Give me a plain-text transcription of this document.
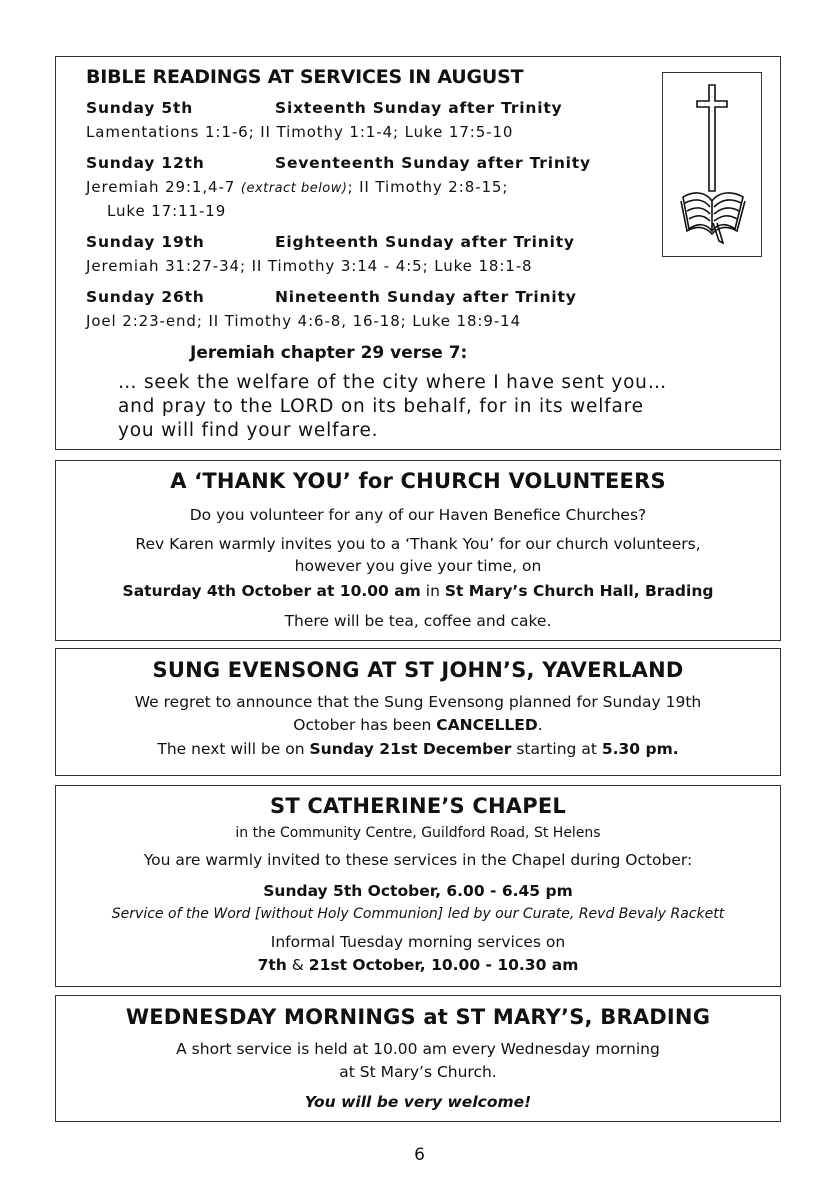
BIBLE READINGS AT SERVICES IN AUGUST
Sunday 5th	Sixteenth Sunday after Trinity
Lamentations 1:1-6; II Timothy 1:1-4; Luke 17:5-10
Sunday 12th	Seventeenth Sunday after Trinity
Jeremiah 29:1,4-7 (extract below); II Timothy 2:8-15;
Luke 17:11-19
Sunday 19th	Eighteenth Sunday after Trinity
Jeremiah 31:27-34; II Timothy 3:14 - 4:5; Luke 18:1-8
Sunday 26th	Nineteenth Sunday after Trinity
Joel 2:23-end; II Timothy 4:6-8, 16-18; Luke 18:9-14
Jeremiah chapter 29 verse 7:
… seek the welfare of the city where I have sent you…
and pray to the LORD on its behalf, for in its welfare
you will find your welfare.
A ‘THANK YOU’ for CHURCH VOLUNTEERS
Do you volunteer for any of our Haven Benefice Churches?
Rev Karen warmly invites you to a ‘Thank You’ for our church volunteers,
however you give your time, on
Saturday 4th October at 10.00 am in St Mary’s Church Hall, Brading
There will be tea, coffee and cake.
SUNG EVENSONG AT ST JOHN’S, YAVERLAND
We regret to announce that the Sung Evensong planned for Sunday 19th
October has been CANCELLED.
The next will be on Sunday 21st December starting at 5.30 pm.
ST CATHERINE’S CHAPEL
in the Community Centre, Guildford Road, St Helens
You are warmly invited to these services in the Chapel during October:
Sunday 5th October, 6.00 - 6.45 pm
Service of the Word [without Holy Communion] led by our Curate, Revd Bevaly Rackett
Informal Tuesday morning services on
7th & 21st October, 10.00 - 10.30 am
WEDNESDAY MORNINGS at ST MARY’S, BRADING
A short service is held at 10.00 am every Wednesday morning
at St Mary’s Church.
You will be very welcome!
6
